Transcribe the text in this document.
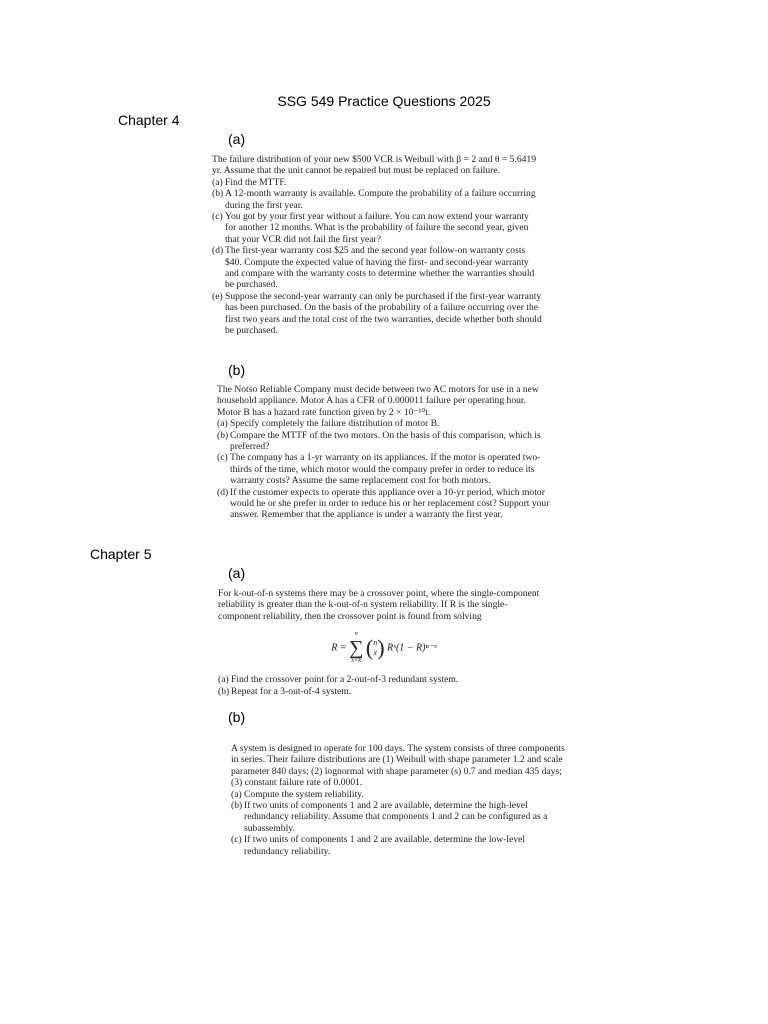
SSG 549 Practice Questions 2025
Chapter 4
(a)

The failure distribution of your new $500 VCR is Weibull with β = 2 and θ = 5.6419 yr. Assume that the unit cannot be repaired but must be replaced on failure.

(a) Find the MTTF.
(b) A 12-month warranty is available. Compute the probability of a failure occurring during the first year.
(c) You got by your first year without a failure. You can now extend your warranty for another 12 months. What is the probability of failure the second year, given that your VCR did not fail the first year?
(d) The first-year warranty cost $25 and the second year follow-on warranty costs $40. Compute the expected value of having the first- and second-year warranty and compare with the warranty costs to determine whether the warranties should be purchased.
(e) Suppose the second-year warranty can only be purchased if the first-year warranty has been purchased. On the basis of the probability of a failure occurring over the first two years and the total cost of the two warranties, decide whether both should be purchased.
(b)

The Notso Reliable Company must decide between two AC motors for use in a new household appliance. Motor A has a CFR of 0.000011 failure per operating hour. Motor B has a hazard rate function given by 2 × 10⁻¹⁰t.

(a) Specify completely the failure distribution of motor B.
(b) Compare the MTTF of the two motors. On the basis of this comparison, which is preferred?
(c) The company has a 1-yr warranty on its appliances. If the motor is operated two-thirds of the time, which motor would the company prefer in order to reduce its warranty costs? Assume the same replacement cost for both motors.
(d) If the customer expects to operate this appliance over a 10-yr period, which motor would he or she prefer in order to reduce his or her replacement cost? Support your answer. Remember that the appliance is under a warranty the first year.
Chapter 5
(a)

For k-out-of-n systems there may be a crossover point, where the single-component reliability is greater than the k-out-of-n system reliability. If R is the single-component reliability, then the crossover point is found from solving

R =
n
∑
x=k
( n
x ) Rˣ(1 − R)ⁿ⁻ˣ
(a) Find the crossover point for a 2-out-of-3 redundant system.
(b) Repeat for a 3-out-of-4 system.
(b)

A system is designed to operate for 100 days. The system consists of three components in series. Their failure distributions are (1) Weibull with shape parameter 1.2 and scale parameter 840 days; (2) lognormal with shape parameter (s) 0.7 and median 435 days; (3) constant failure rate of 0.0001.

(a) Compute the system reliability.
(b) If two units of components 1 and 2 are available, determine the high-level redundancy reliability. Assume that components 1 and 2 can be configured as a subassembly.
(c) If two units of components 1 and 2 are available, determine the low-level redundancy reliability.
